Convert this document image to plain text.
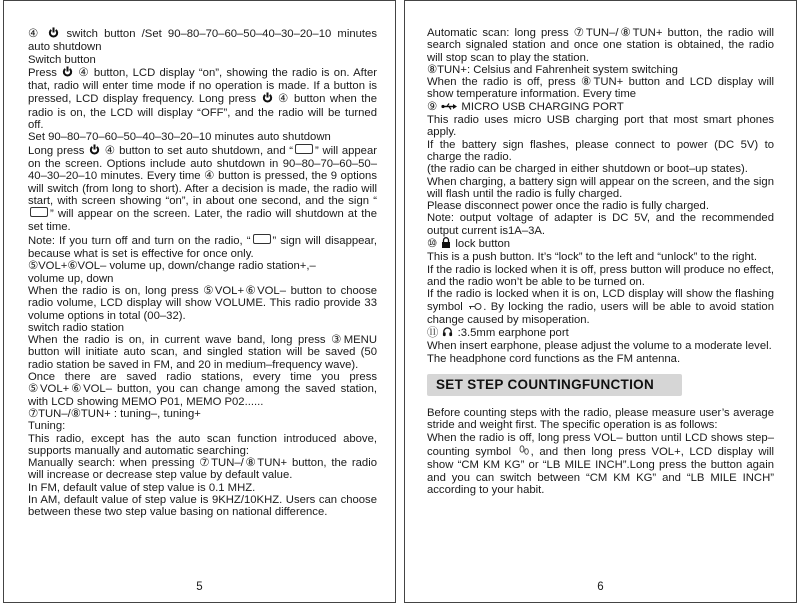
④  switch button /Set 90–80–70–60–50–40–30–20–10 minutes auto shutdown

Switch button

Press  ④ button, LCD display “on”, showing the radio is on. After that, radio will enter time mode if no operation is made. If a button is pressed, LCD display frequency. Long press  ④ button when the radio is on, the LCD will display “OFF”, and the radio will be turned off.

Set 90–80–70–60–50–40–30–20–10 minutes auto shutdown

Long press  ④ button to set auto shutdown, and “ ” will appear on the screen. Options include auto shutdown in 90–80–70–60–50–40–30–20–10 minutes. Every time ④ button is pressed, the 9 options will switch (from long to short). After a decision is made, the radio will start, with screen showing “on”, in about one second, and the sign “” will appear on the screen. Later, the radio will shutdown at the set time.

Note: If you turn off and turn on the radio, “ ” sign will disappear, because what is set is effective for once only.

⑤VOL+⑥VOL– volume up, down/change radio station+,–

volume up, down

When the radio is on, long press ⑤VOL+⑥VOL– button to choose radio volume, LCD display will show VOLUME. This radio provide 33 volume options in total (00–32).

switch radio station

When the radio is on, in current wave band, long press ③MENU button will initiate auto scan, and singled station will be saved (50 radio station be saved in FM, and 20 in medium–frequency wave).

Once there are saved radio stations, every time you press ⑤VOL+⑥VOL– button, you can change among the saved station, with LCD showing MEMO P01, MEMO P02......

⑦TUN–/⑧TUN+ : tuning–, tuning+

Tuning:

This radio, except has the auto scan function introduced above, supports manually and automatic searching:

Manually search: when pressing ⑦TUN–/⑧TUN+ button, the radio will increase or decrease step value by default value.

In FM, default value of step value is 0.1 MHZ.

In AM, default value of step value is 9KHZ/10KHZ. Users can choose between these two step value basing on national difference.

5

Automatic scan: long press ⑦TUN–/⑧TUN+ button, the radio will search signaled station and once one station is obtained, the radio will stop scan to play the station.

⑧TUN+: Celsius and Fahrenheit system switching

When the radio is off, press ⑧TUN+ button and LCD display will show temperature information. Every time

⑨  MICRO USB CHARGING PORT

This radio uses micro USB charging port that most smart phones apply.

If the battery sign flashes, please connect to power (DC 5V) to charge the radio.

(the radio can be charged in either shutdown or boot–up states).

When charging, a battery sign will appear on the screen, and the sign will flash until the radio is fully charged.

Please disconnect power once the radio is fully charged.

Note: output voltage of adapter is DC 5V, and the recommended output current is1A–3A.

⑩  lock button

This is a push button. It’s “lock” to the left and “unlock” to the right.

If the radio is locked when it is off, press button will produce no effect, and the radio won’t be able to be turned on.

If the radio is locked when it is on, LCD display will show the flashing symbol . By locking the radio, users will be able to avoid station change caused by misoperation.

⑪  :3.5mm earphone port

When insert earphone, please adjust the volume to a moderate level.

The headphone cord functions as the FM antenna.

SET STEP COUNTINGFUNCTION

Before counting steps with the radio, please measure user’s average stride and weight first. The specific operation is as follows:

When the radio is off, long press VOL– button until LCD shows step–counting symbol , and then long press VOL+, LCD display will show “CM KM KG” or “LB MILE INCH”.Long press the button again and you can switch between “CM KM KG” and “LB MILE INCH” according to your habit.

6
